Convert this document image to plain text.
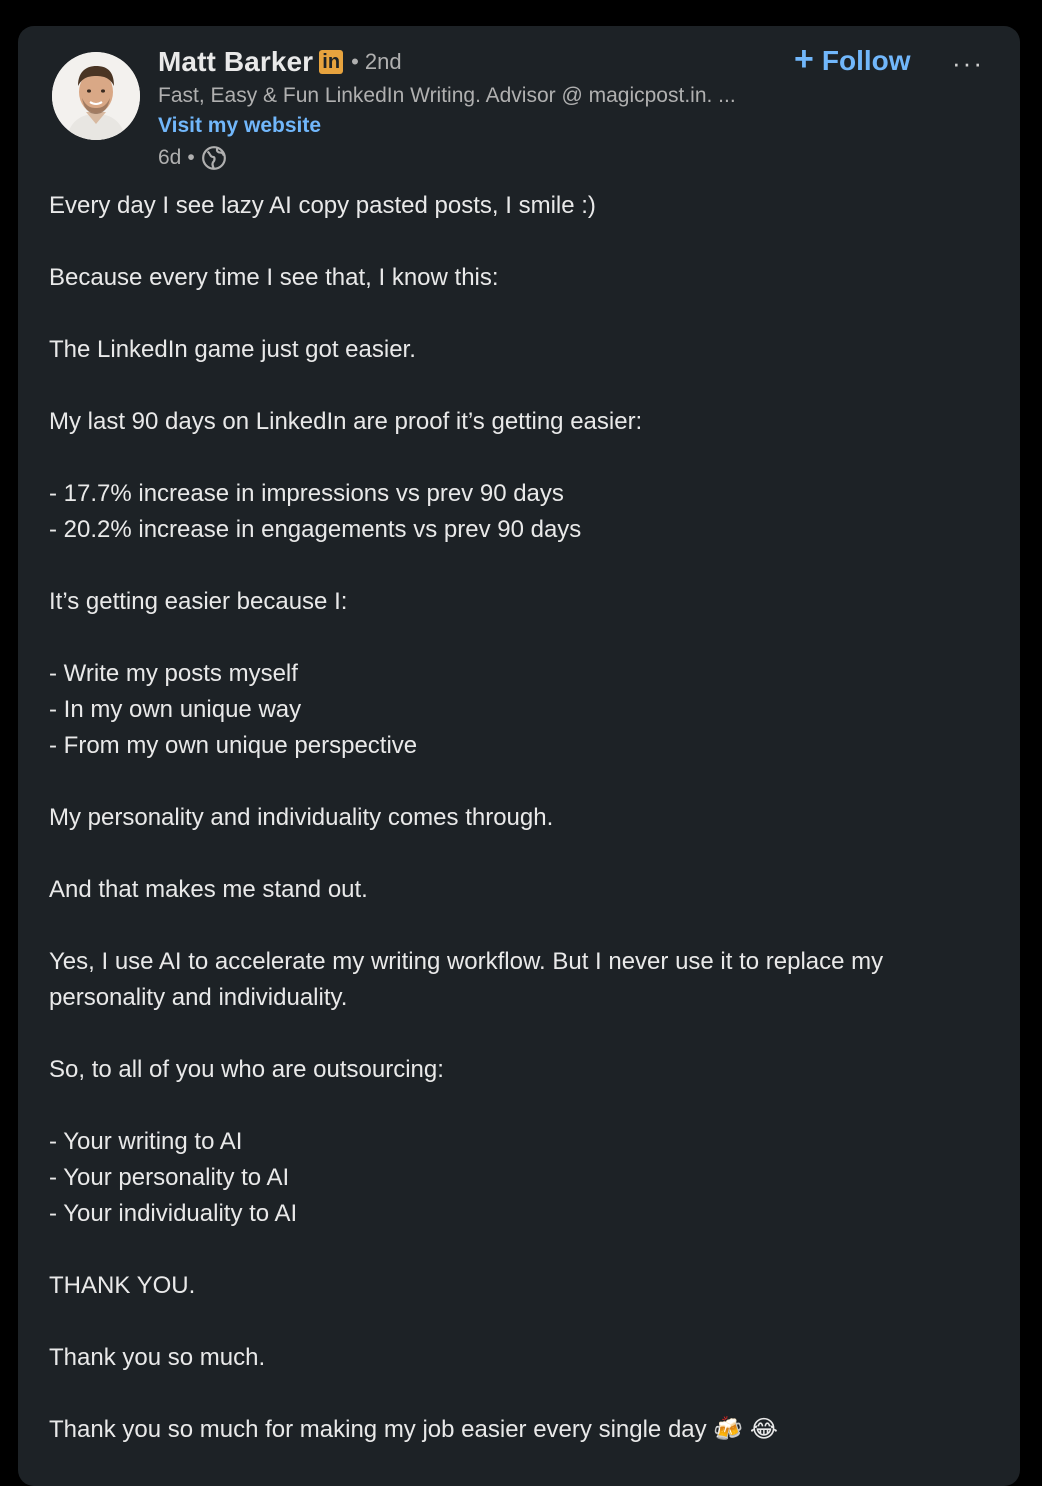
Matt Barker in • 2nd
Fast, Easy & Fun LinkedIn Writing. Advisor @ magicpost.in. ...
Visit my website
6d •
+ Follow ···
Every day I see lazy AI copy pasted posts, I smile :)
Because every time I see that, I know this:
The LinkedIn game just got easier.
My last 90 days on LinkedIn are proof it’s getting easier:
- 17.7% increase in impressions vs prev 90 days
- 20.2% increase in engagements vs prev 90 days
It’s getting easier because I:
- Write my posts myself
- In my own unique way
- From my own unique perspective
My personality and individuality comes through.
And that makes me stand out.
Yes, I use AI to accelerate my writing workflow. But I never use it to replace my
personality and individuality.
So, to all of you who are outsourcing:
- Your writing to AI
- Your personality to AI
- Your individuality to AI
THANK YOU.
Thank you so much.
Thank you so much for making my job easier every single day 🍻 😂
